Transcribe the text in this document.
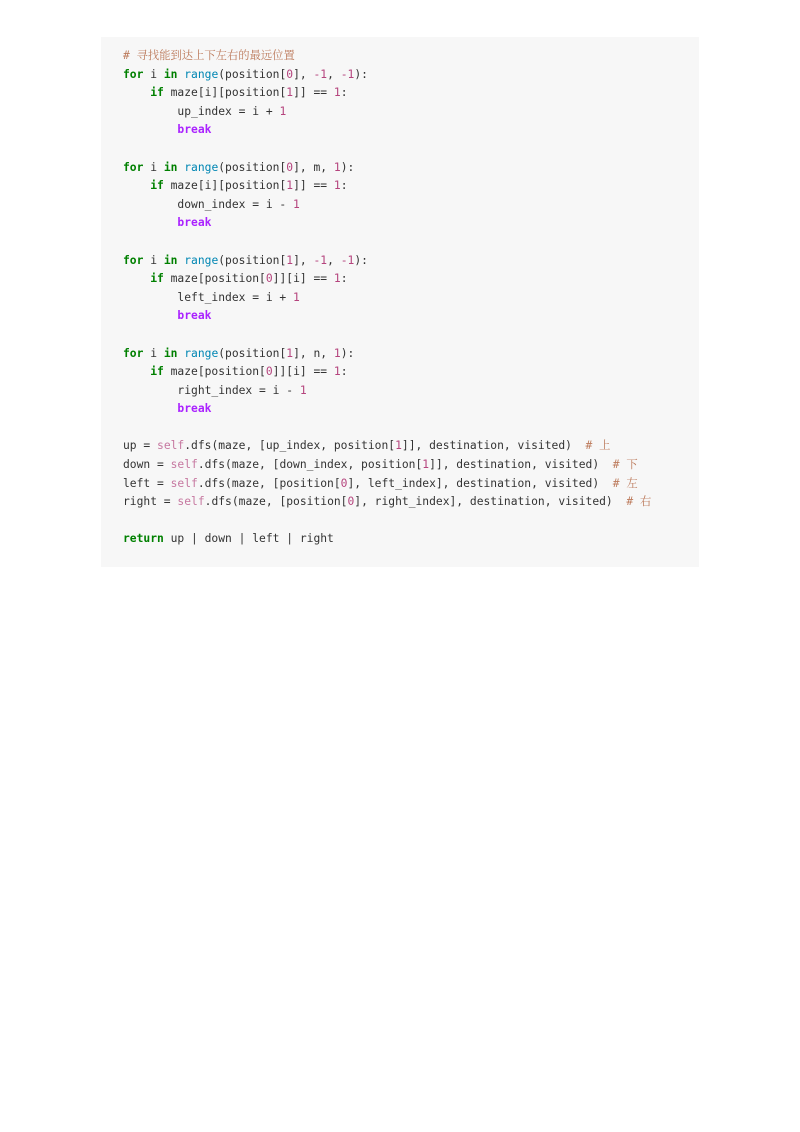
# 寻找能到达上下左右的最远位置
for i in range(position[0], -1, -1):
if maze[i][position[1]] == 1:
up_index = i + 1
break

for i in range(position[0], m, 1):
if maze[i][position[1]] == 1:
down_index = i - 1
break

for i in range(position[1], -1, -1):
if maze[position[0]][i] == 1:
left_index = i + 1
break

for i in range(position[1], n, 1):
if maze[position[0]][i] == 1:
right_index = i - 1
break

up = self.dfs(maze, [up_index, position[1]], destination, visited)  # 上
down = self.dfs(maze, [down_index, position[1]], destination, visited)  # 下
left = self.dfs(maze, [position[0], left_index], destination, visited)  # 左
right = self.dfs(maze, [position[0], right_index], destination, visited)  # 右

return up | down | left | right
